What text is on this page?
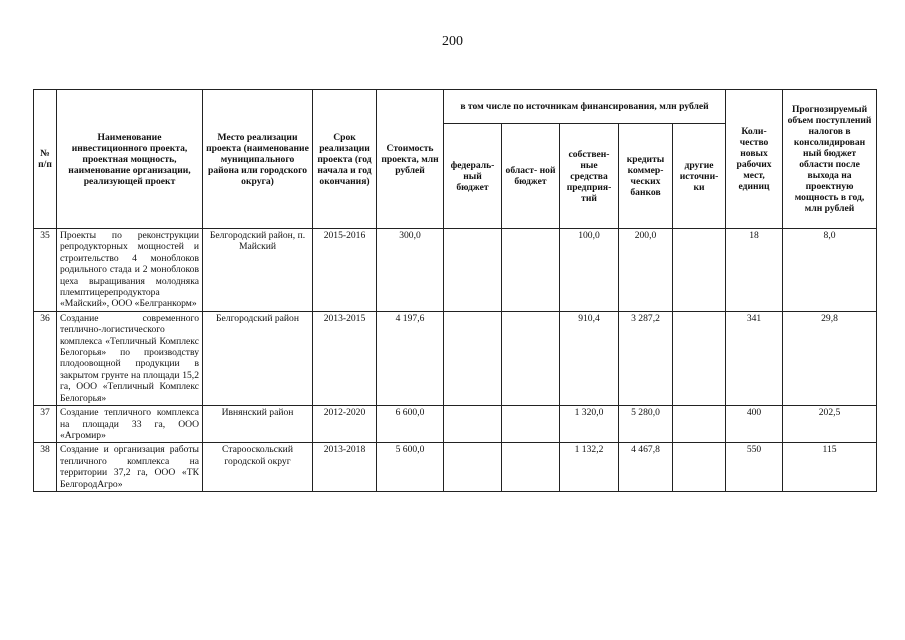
200
№ п/п	Наименование инвестиционного проекта, проектная мощность, наименование организации, реализующей проект	Место реализации проекта (наименование муниципального района или городского округа)	Срок реализации проекта (год начала и год окончания)	Стоимость проекта, млн рублей	в том числе по источникам финансирования, млн рублей					Коли- чество новых рабочих мест, единиц	Прогнозируемый объем поступлений налогов в консолидирован ный бюджет области после выхода на проектную мощность в год, млн рублей
					федераль- ный бюджет	област- ной бюджет	собствен- ные средства предприя- тий	кредиты коммер- ческих банков	другие источни- ки		
35	Проекты по реконструкции репродукторных мощностей и строительство 4 моноблоков родильного стада и 2 моноблоков цеха выращивания молодняка племптицерепродуктора «Майский», ООО «Белгранкорм»	Белгородский район, п. Майский	2015-2016	300,0			100,0	200,0		18	8,0
36	Создание современного теплично-логистического комплекса «Тепличный Комплекс Белогорья» по производству плодоовощной продукции в закрытом грунте на площади 15,2 га, ООО «Тепличный Комплекс Белогорья»	Белгородский район	2013-2015	4 197,6			910,4	3 287,2		341	29,8
37	Создание тепличного комплекса на площади 33 га, ООО «Агромир»	Ивнянский район	2012-2020	6 600,0			1 320,0	5 280,0		400	202,5
38	Создание и организация работы тепличного комплекса на территории 37,2 га, ООО «ТК БелгородАгро»	Старооскольский городской округ	2013-2018	5 600,0			1 132,2	4 467,8		550	115
